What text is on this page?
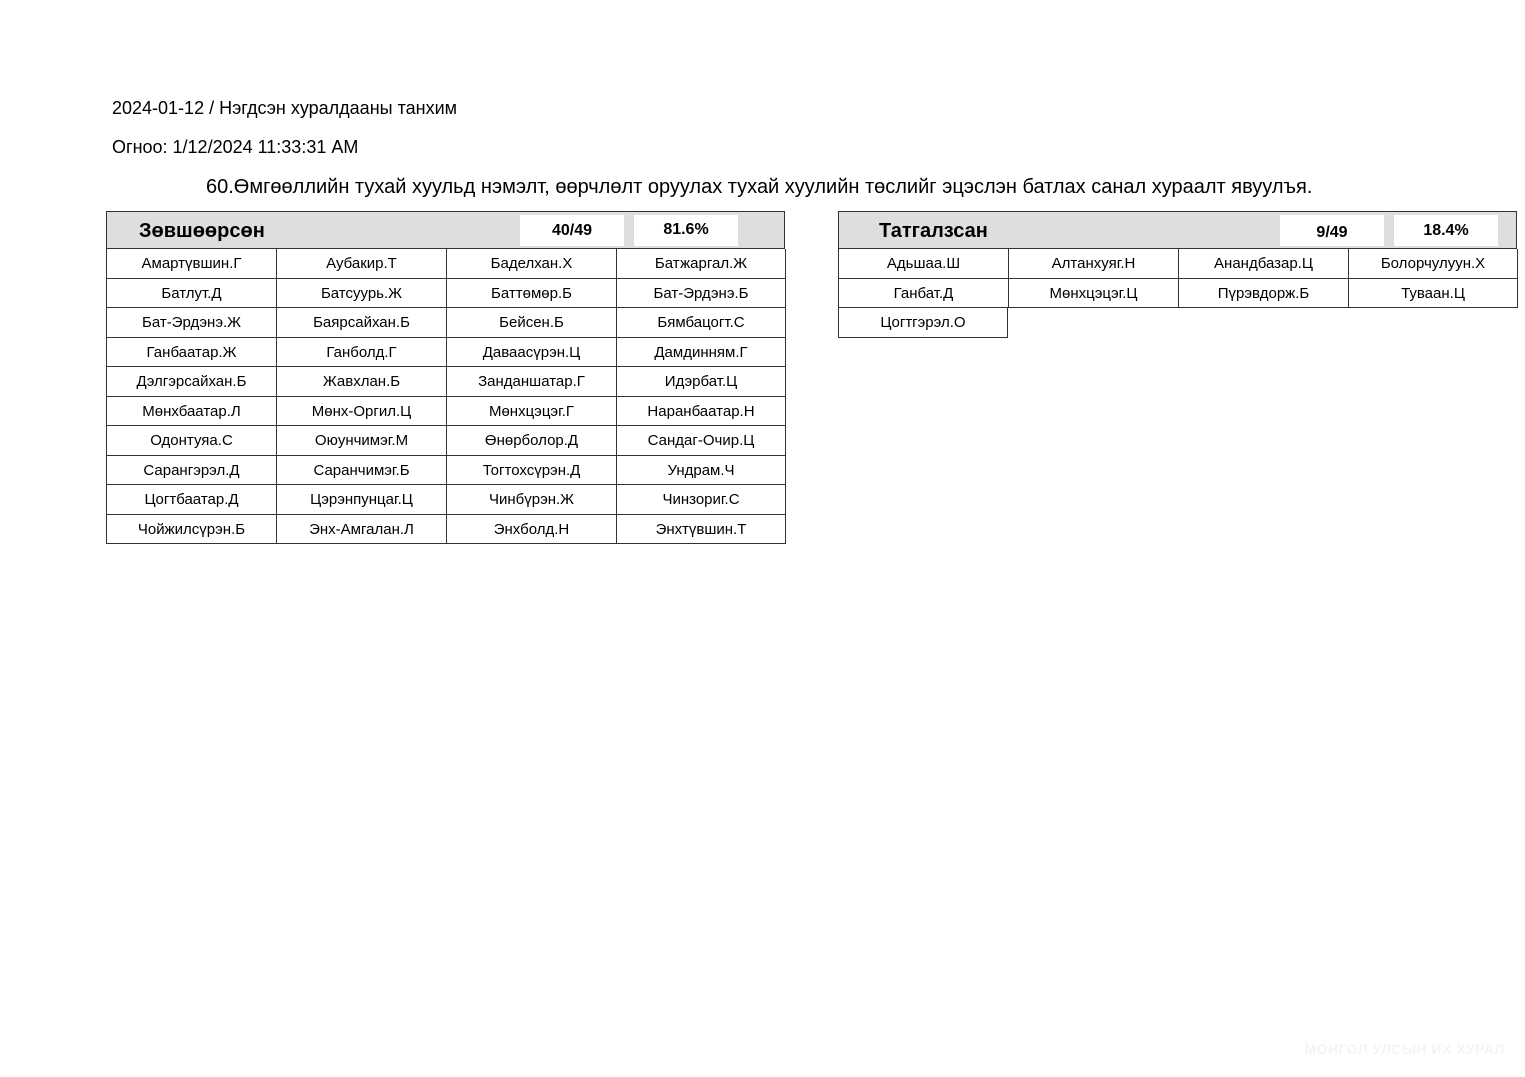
2024-01-12 / Нэгдсэн хуралдааны танхим
Огноо: 1/12/2024 11:33:31 AM
60.Өмгөөллийн тухай хуульд нэмэлт, өөрчлөлт оруулах тухай хуулийн төслийг эцэслэн батлах санал хураалт явуулъя.
Зөвшөөрсөн	40/49	81.6%
Амартүвшин.Г	Аубакир.Т	Баделхан.Х	Батжаргал.Ж
Батлут.Д	Батсуурь.Ж	Баттөмөр.Б	Бат-Эрдэнэ.Б
Бат-Эрдэнэ.Ж	Баярсайхан.Б	Бейсен.Б	Бямбацогт.С
Ганбаатар.Ж	Ганболд.Г	Даваасүрэн.Ц	Дамдинням.Г
Дэлгэрсайхан.Б	Жавхлан.Б	Занданшатар.Г	Идэрбат.Ц
Мөнхбаатар.Л	Мөнх-Оргил.Ц	Мөнхцэцэг.Г	Наранбаатар.Н
Одонтуяа.С	Оюунчимэг.М	Өнөрболор.Д	Сандаг-Очир.Ц
Сарангэрэл.Д	Саранчимэг.Б	Тогтохсүрэн.Д	Ундрам.Ч
Цогтбаатар.Д	Цэрэнпунцаг.Ц	Чинбүрэн.Ж	Чинзориг.С
Чойжилсүрэн.Б	Энх-Амгалан.Л	Энхболд.Н	Энхтүвшин.Т
Татгалзсан	9/49	18.4%
Адьшаа.Ш	Алтанхуяг.Н	Анандбазар.Ц	Болорчулуун.Х
Ганбат.Д	Мөнхцэцэг.Ц	Пүрэвдорж.Б	Туваан.Ц
Цогтгэрэл.О
МОНГОЛ УЛСЫН ИХ ХУРАЛ
